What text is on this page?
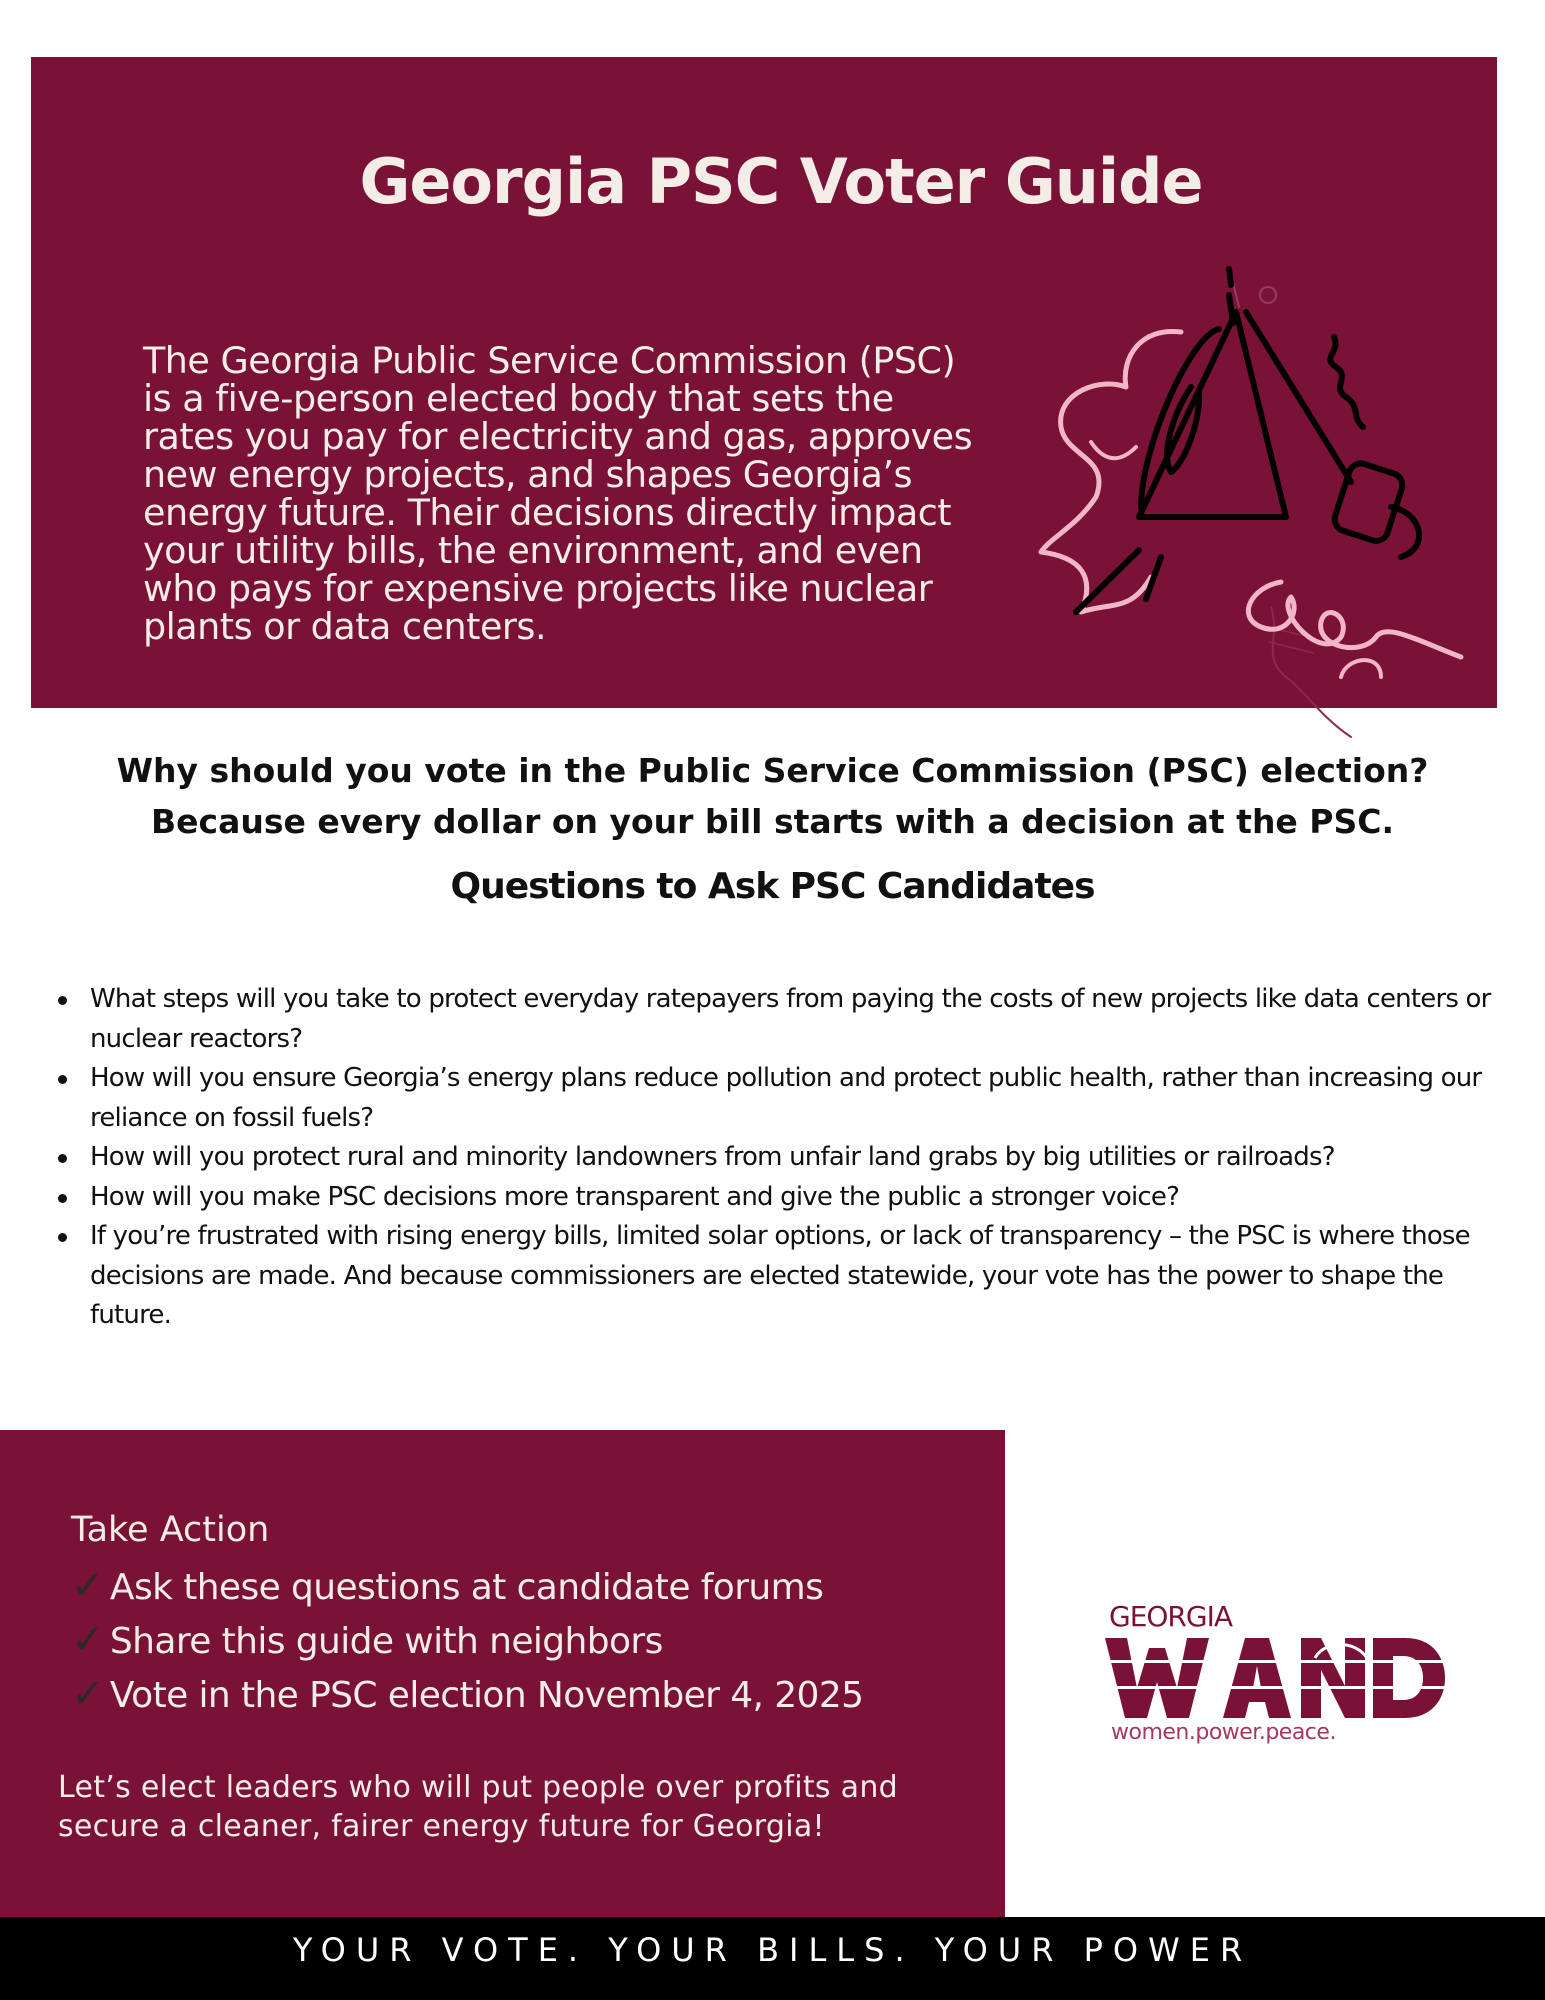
Georgia PSC Voter Guide

The Georgia Public Service Commission (PSC) is a five-person elected body that sets the rates you pay for electricity and gas, approves new energy projects, and shapes Georgia’s energy future. Their decisions directly impact your utility bills, the environment, and even who pays for expensive projects like nuclear plants or data centers.

Why should you vote in the Public Service Commission (PSC) election?
Because every dollar on your bill starts with a decision at the PSC.

Questions to Ask PSC Candidates
What steps will you take to protect everyday ratepayers from paying the costs of new projects like data centers or nuclear reactors?
How will you ensure Georgia’s energy plans reduce pollution and protect public health, rather than increasing our reliance on fossil fuels?
How will you protect rural and minority landowners from unfair land grabs by big utilities or railroads?
How will you make PSC decisions more transparent and give the public a stronger voice?
If you’re frustrated with rising energy bills, limited solar options, or lack of transparency – the PSC is where those decisions are made. And because commissioners are elected statewide, your vote has the power to shape the future.

Take Action

✓ Ask these questions at candidate forums
✓ Share this guide with neighbors
✓ Vote in the PSC election November 4, 2025

Let’s elect leaders who will put people over profits and secure a cleaner, fairer energy future for Georgia!

GEORGIA
women.power.peace.

YOUR VOTE. YOUR BILLS. YOUR POWER
